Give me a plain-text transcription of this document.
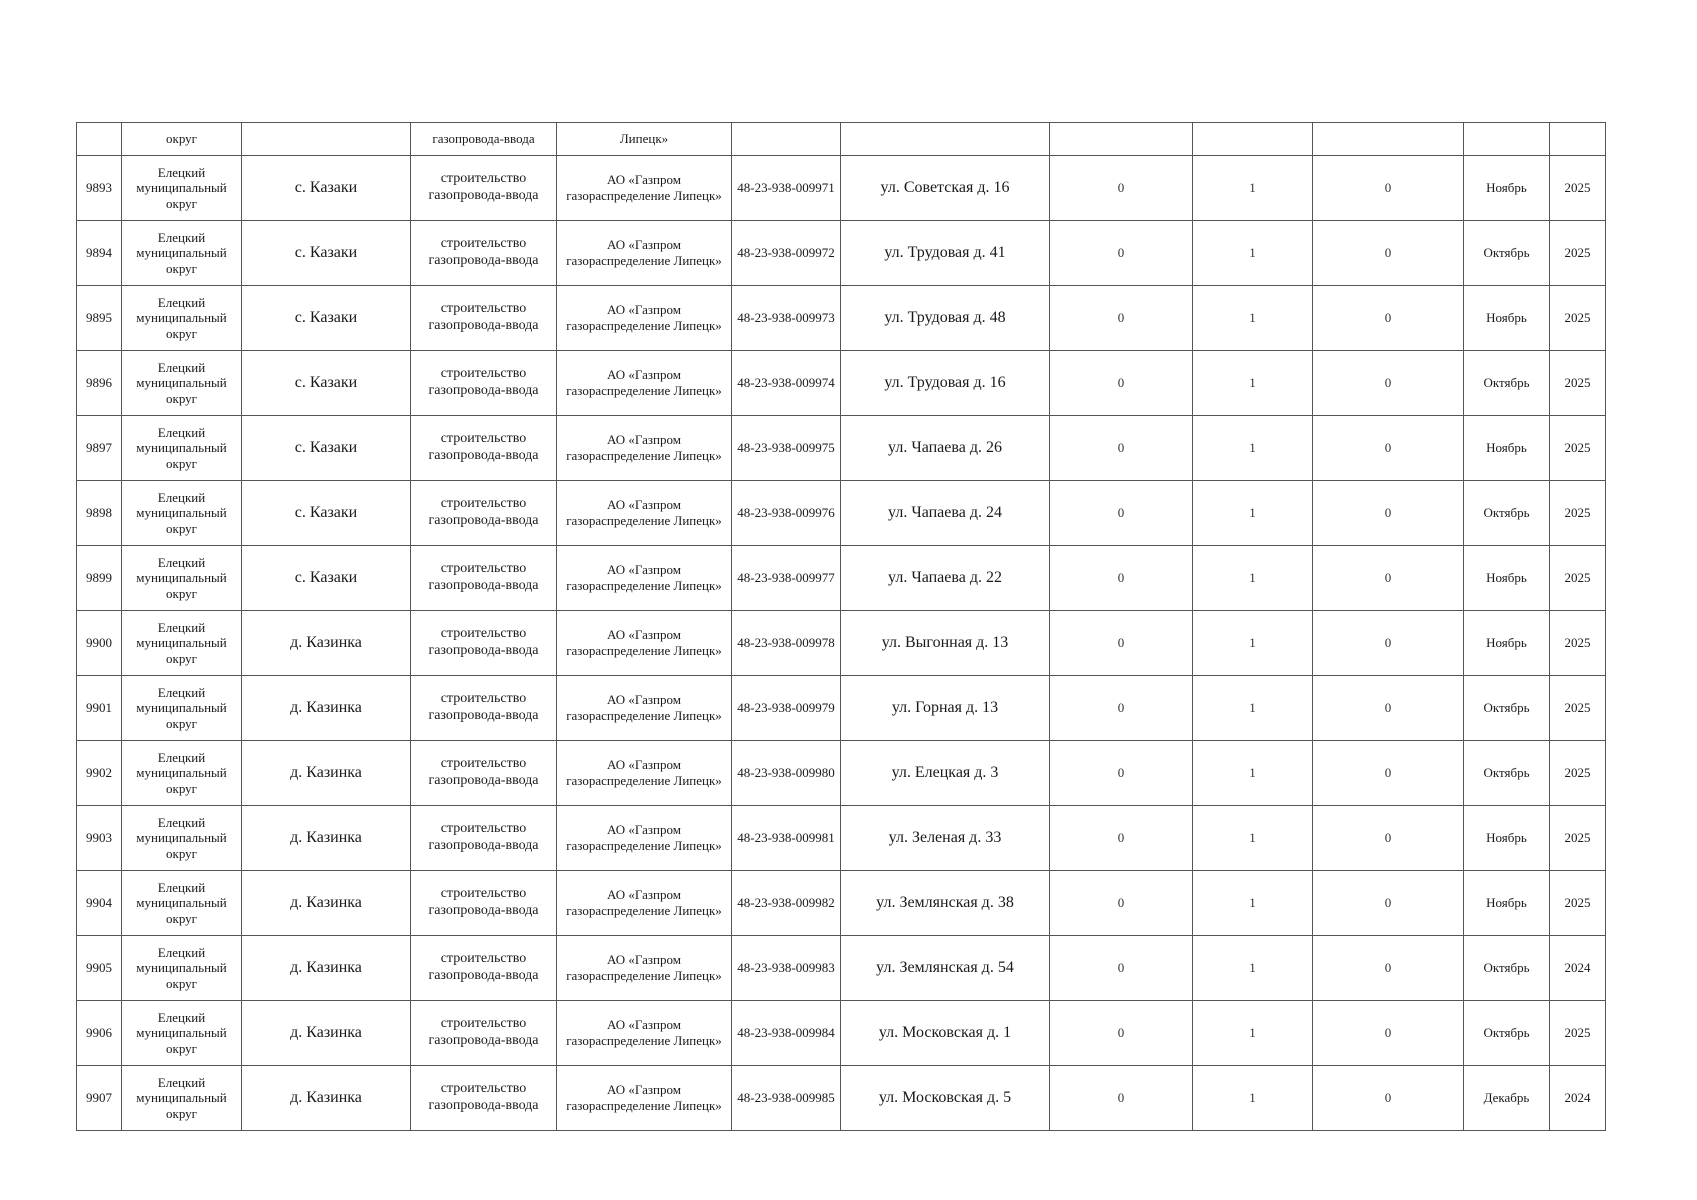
	округ		газопровода-ввода	Липецк»							
9893	Елецкий муниципальный округ	с. Казаки	строительство газопровода-ввода	АО «Газпром газораспределение Липецк»	48-23-938-009971	ул. Советская д. 16	0	1	0	Ноябрь	2025
9894	Елецкий муниципальный округ	с. Казаки	строительство газопровода-ввода	АО «Газпром газораспределение Липецк»	48-23-938-009972	ул. Трудовая д. 41	0	1	0	Октябрь	2025
9895	Елецкий муниципальный округ	с. Казаки	строительство газопровода-ввода	АО «Газпром газораспределение Липецк»	48-23-938-009973	ул. Трудовая д. 48	0	1	0	Ноябрь	2025
9896	Елецкий муниципальный округ	с. Казаки	строительство газопровода-ввода	АО «Газпром газораспределение Липецк»	48-23-938-009974	ул. Трудовая д. 16	0	1	0	Октябрь	2025
9897	Елецкий муниципальный округ	с. Казаки	строительство газопровода-ввода	АО «Газпром газораспределение Липецк»	48-23-938-009975	ул. Чапаева д. 26	0	1	0	Ноябрь	2025
9898	Елецкий муниципальный округ	с. Казаки	строительство газопровода-ввода	АО «Газпром газораспределение Липецк»	48-23-938-009976	ул. Чапаева д. 24	0	1	0	Октябрь	2025
9899	Елецкий муниципальный округ	с. Казаки	строительство газопровода-ввода	АО «Газпром газораспределение Липецк»	48-23-938-009977	ул. Чапаева д. 22	0	1	0	Ноябрь	2025
9900	Елецкий муниципальный округ	д. Казинка	строительство газопровода-ввода	АО «Газпром газораспределение Липецк»	48-23-938-009978	ул. Выгонная д. 13	0	1	0	Ноябрь	2025
9901	Елецкий муниципальный округ	д. Казинка	строительство газопровода-ввода	АО «Газпром газораспределение Липецк»	48-23-938-009979	ул. Горная д. 13	0	1	0	Октябрь	2025
9902	Елецкий муниципальный округ	д. Казинка	строительство газопровода-ввода	АО «Газпром газораспределение Липецк»	48-23-938-009980	ул. Елецкая д. 3	0	1	0	Октябрь	2025
9903	Елецкий муниципальный округ	д. Казинка	строительство газопровода-ввода	АО «Газпром газораспределение Липецк»	48-23-938-009981	ул. Зеленая д. 33	0	1	0	Ноябрь	2025
9904	Елецкий муниципальный округ	д. Казинка	строительство газопровода-ввода	АО «Газпром газораспределение Липецк»	48-23-938-009982	ул. Землянская д. 38	0	1	0	Ноябрь	2025
9905	Елецкий муниципальный округ	д. Казинка	строительство газопровода-ввода	АО «Газпром газораспределение Липецк»	48-23-938-009983	ул. Землянская д. 54	0	1	0	Октябрь	2024
9906	Елецкий муниципальный округ	д. Казинка	строительство газопровода-ввода	АО «Газпром газораспределение Липецк»	48-23-938-009984	ул. Московская д. 1	0	1	0	Октябрь	2025
9907	Елецкий муниципальный округ	д. Казинка	строительство газопровода-ввода	АО «Газпром газораспределение Липецк»	48-23-938-009985	ул. Московская д. 5	0	1	0	Декабрь	2024
